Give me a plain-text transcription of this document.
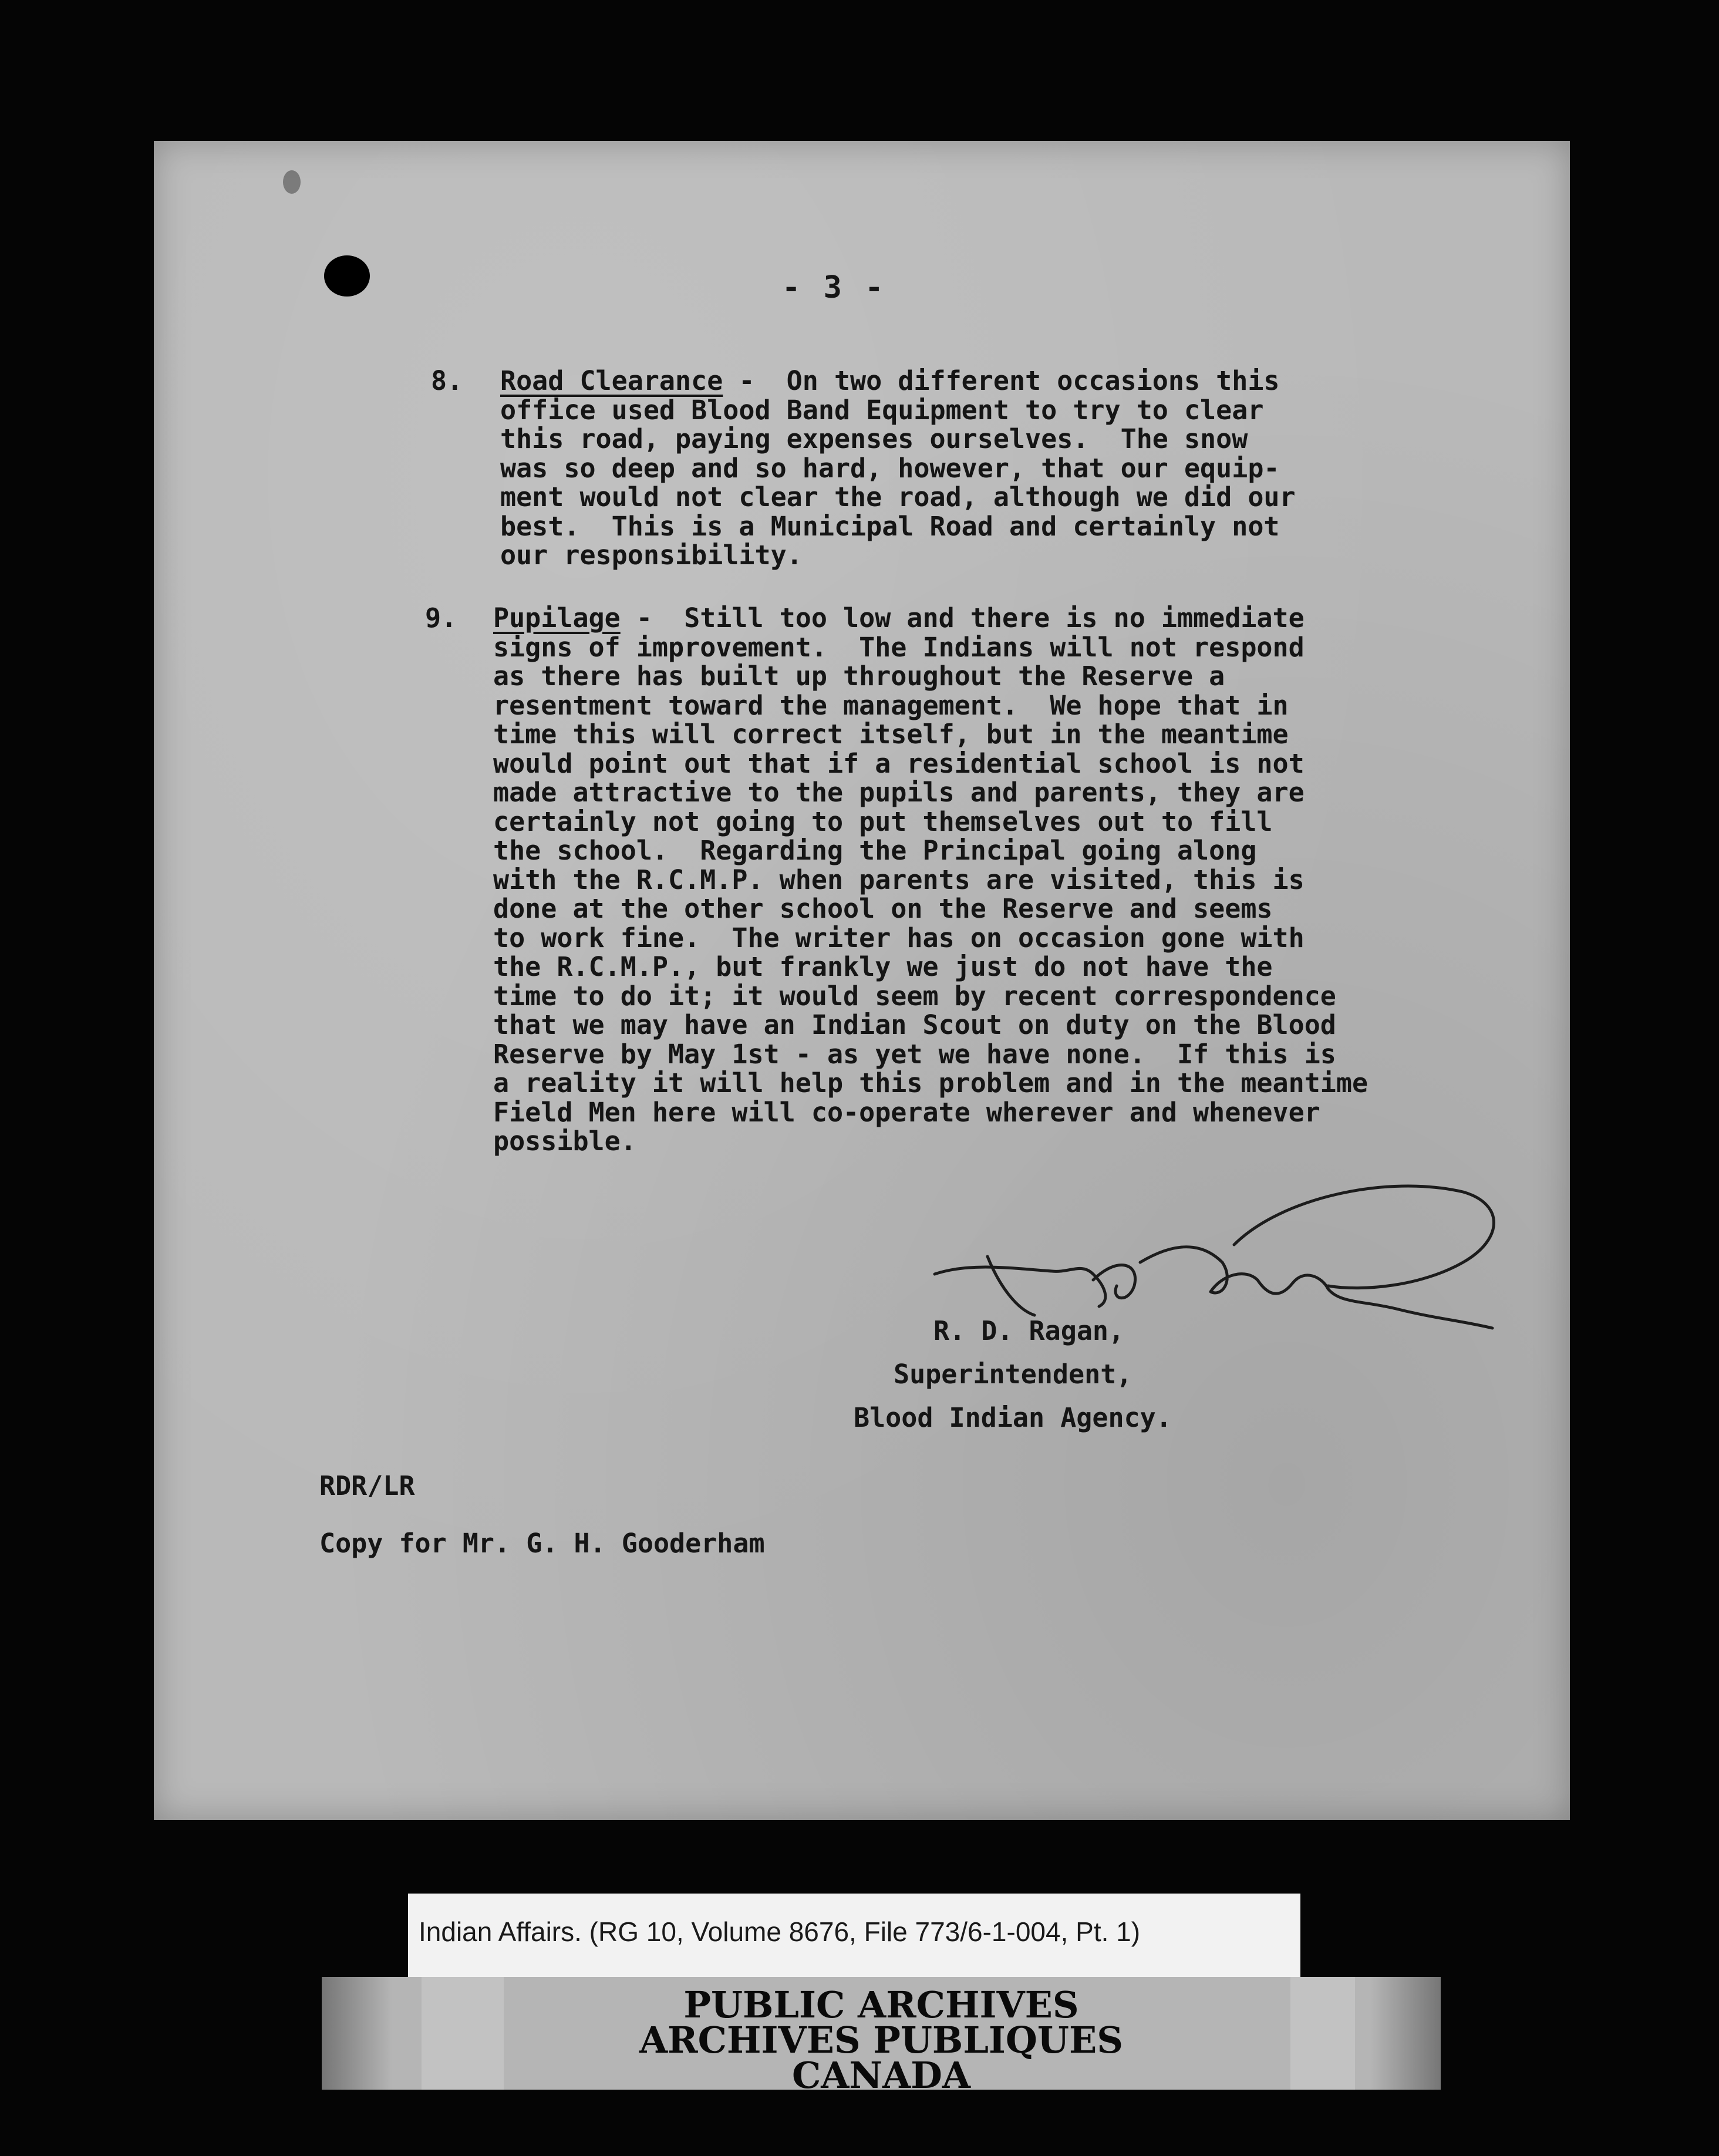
- 3 -
8. Road Clearance -  On two different occasions this
office used Blood Band Equipment to try to clear
this road, paying expenses ourselves.  The snow
was so deep and so hard, however, that our equip-
ment would not clear the road, although we did our
best.  This is a Municipal Road and certainly not
our responsibility.
9. Pupilage -  Still too low and there is no immediate
signs of improvement.  The Indians will not respond
as there has built up throughout the Reserve a
resentment toward the management.  We hope that in
time this will correct itself, but in the meantime
would point out that if a residential school is not
made attractive to the pupils and parents, they are
certainly not going to put themselves out to fill
the school.  Regarding the Principal going along
with the R.C.M.P. when parents are visited, this is
done at the other school on the Reserve and seems
to work fine.  The writer has on occasion gone with
the R.C.M.P., but frankly we just do not have the
time to do it; it would seem by recent correspondence
that we may have an Indian Scout on duty on the Blood
Reserve by May 1st - as yet we have none.  If this is
a reality it will help this problem and in the meantime
Field Men here will co-operate wherever and whenever
possible.
R. D. Ragan,
Superintendent,
Blood Indian Agency.
RDR/LR
Copy for Mr. G. H. Gooderham
Indian Affairs. (RG 10, Volume 8676, File 773/6-1-004, Pt. 1)
PUBLIC ARCHIVES
ARCHIVES PUBLIQUES
CANADA
